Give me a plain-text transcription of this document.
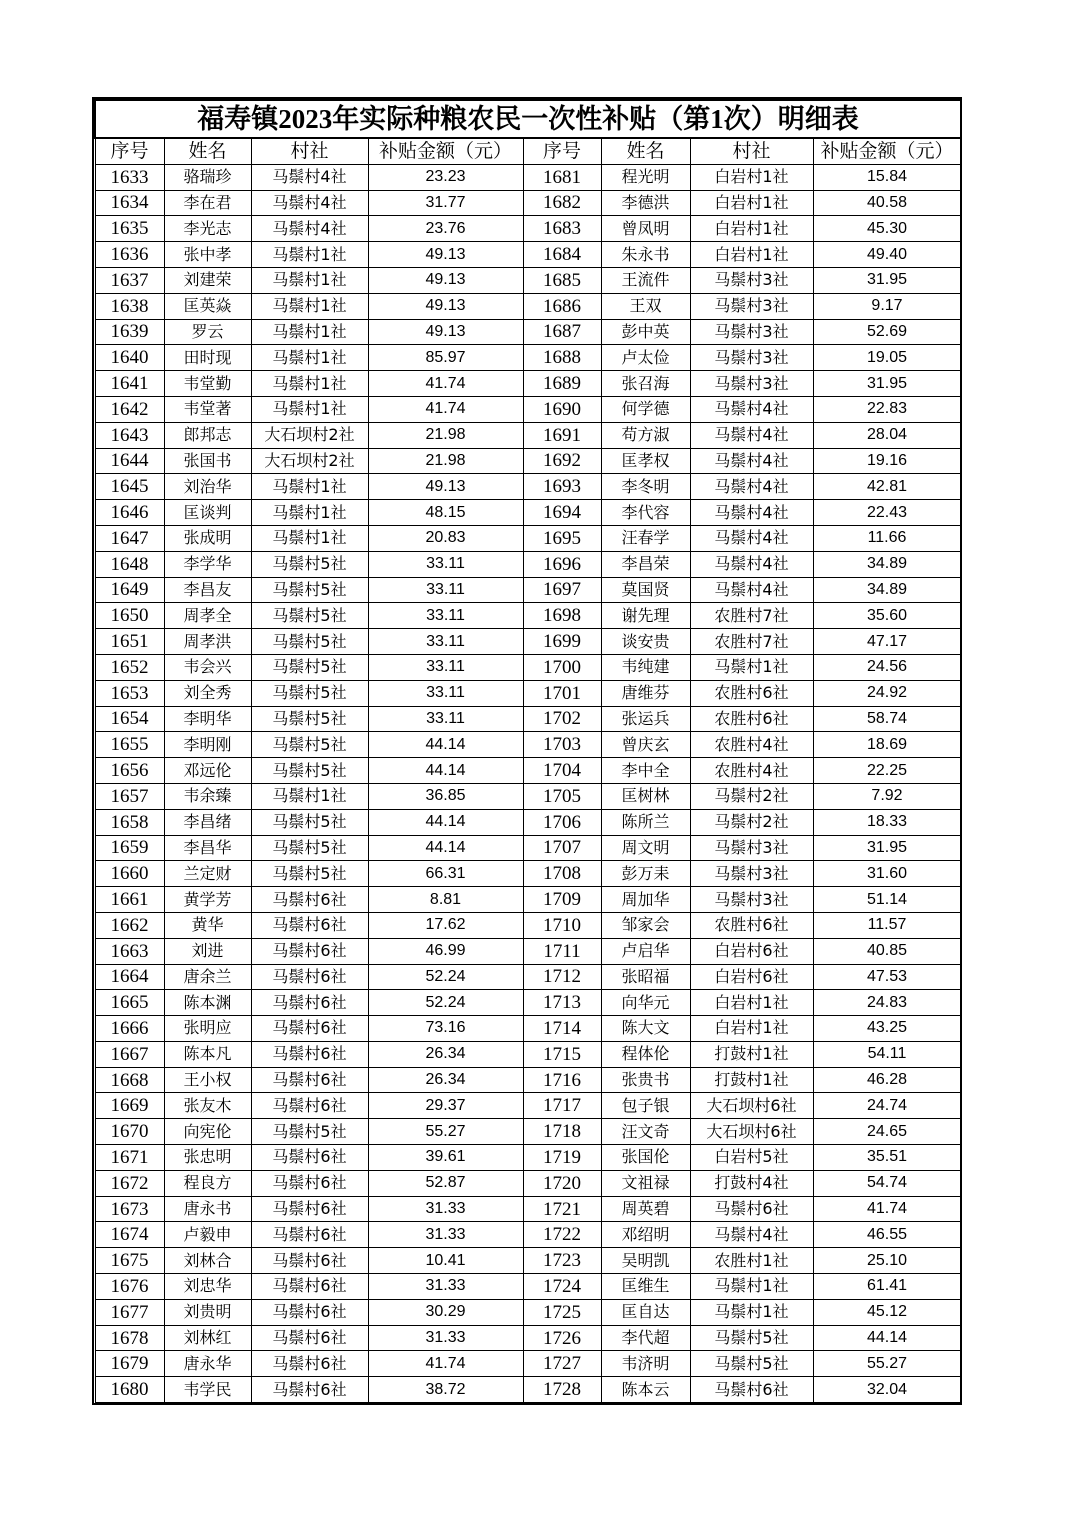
福寿镇2023年实际种粮农民一次性补贴（第1次）明细表							
序号	姓名	村社	补贴金额（元）	序号	姓名	村社	补贴金额（元）
1633	骆瑞珍	马鬃村4社	23.23	1681	程光明	白岩村1社	15.84
1634	李在君	马鬃村4社	31.77	1682	李德洪	白岩村1社	40.58
1635	李光志	马鬃村4社	23.76	1683	曾凤明	白岩村1社	45.30
1636	张中孝	马鬃村1社	49.13	1684	朱永书	白岩村1社	49.40
1637	刘建荣	马鬃村1社	49.13	1685	王流件	马鬃村3社	31.95
1638	匡英焱	马鬃村1社	49.13	1686	王双	马鬃村3社	9.17
1639	罗云	马鬃村1社	49.13	1687	彭中英	马鬃村3社	52.69
1640	田时现	马鬃村1社	85.97	1688	卢太俭	马鬃村3社	19.05
1641	韦堂勤	马鬃村1社	41.74	1689	张召海	马鬃村3社	31.95
1642	韦堂著	马鬃村1社	41.74	1690	何学德	马鬃村4社	22.83
1643	郎邦志	大石坝村2社	21.98	1691	苟方淑	马鬃村4社	28.04
1644	张国书	大石坝村2社	21.98	1692	匡孝权	马鬃村4社	19.16
1645	刘治华	马鬃村1社	49.13	1693	李冬明	马鬃村4社	42.81
1646	匡谈判	马鬃村1社	48.15	1694	李代容	马鬃村4社	22.43
1647	张成明	马鬃村1社	20.83	1695	汪春学	马鬃村4社	11.66
1648	李学华	马鬃村5社	33.11	1696	李昌荣	马鬃村4社	34.89
1649	李昌友	马鬃村5社	33.11	1697	莫国贤	马鬃村4社	34.89
1650	周孝全	马鬃村5社	33.11	1698	谢先理	农胜村7社	35.60
1651	周孝洪	马鬃村5社	33.11	1699	谈安贵	农胜村7社	47.17
1652	韦会兴	马鬃村5社	33.11	1700	韦纯建	马鬃村1社	24.56
1653	刘全秀	马鬃村5社	33.11	1701	唐维芬	农胜村6社	24.92
1654	李明华	马鬃村5社	33.11	1702	张运兵	农胜村6社	58.74
1655	李明刚	马鬃村5社	44.14	1703	曾庆玄	农胜村4社	18.69
1656	邓远伦	马鬃村5社	44.14	1704	李中全	农胜村4社	22.25
1657	韦余臻	马鬃村1社	36.85	1705	匡树林	马鬃村2社	7.92
1658	李昌绪	马鬃村5社	44.14	1706	陈所兰	马鬃村2社	18.33
1659	李昌华	马鬃村5社	44.14	1707	周文明	马鬃村3社	31.95
1660	兰定财	马鬃村5社	66.31	1708	彭万耒	马鬃村3社	31.60
1661	黄学芳	马鬃村6社	8.81	1709	周加华	马鬃村3社	51.14
1662	黄华	马鬃村6社	17.62	1710	邹家会	农胜村6社	11.57
1663	刘进	马鬃村6社	46.99	1711	卢启华	白岩村6社	40.85
1664	唐余兰	马鬃村6社	52.24	1712	张昭福	白岩村6社	47.53
1665	陈本渊	马鬃村6社	52.24	1713	向华元	白岩村1社	24.83
1666	张明应	马鬃村6社	73.16	1714	陈大文	白岩村1社	43.25
1667	陈本凡	马鬃村6社	26.34	1715	程体伦	打鼓村1社	54.11
1668	王小权	马鬃村6社	26.34	1716	张贵书	打鼓村1社	46.28
1669	张友木	马鬃村6社	29.37	1717	包子银	大石坝村6社	24.74
1670	向宪伦	马鬃村5社	55.27	1718	汪文奇	大石坝村6社	24.65
1671	张忠明	马鬃村6社	39.61	1719	张国伦	白岩村5社	35.51
1672	程良方	马鬃村6社	52.87	1720	文祖禄	打鼓村4社	54.74
1673	唐永书	马鬃村6社	31.33	1721	周英碧	马鬃村6社	41.74
1674	卢毅申	马鬃村6社	31.33	1722	邓绍明	马鬃村4社	46.55
1675	刘林合	马鬃村6社	10.41	1723	吴明凯	农胜村1社	25.10
1676	刘忠华	马鬃村6社	31.33	1724	匡维生	马鬃村1社	61.41
1677	刘贵明	马鬃村6社	30.29	1725	匡自达	马鬃村1社	45.12
1678	刘林红	马鬃村6社	31.33	1726	李代超	马鬃村5社	44.14
1679	唐永华	马鬃村6社	41.74	1727	韦济明	马鬃村5社	55.27
1680	韦学民	马鬃村6社	38.72	1728	陈本云	马鬃村6社	32.04
